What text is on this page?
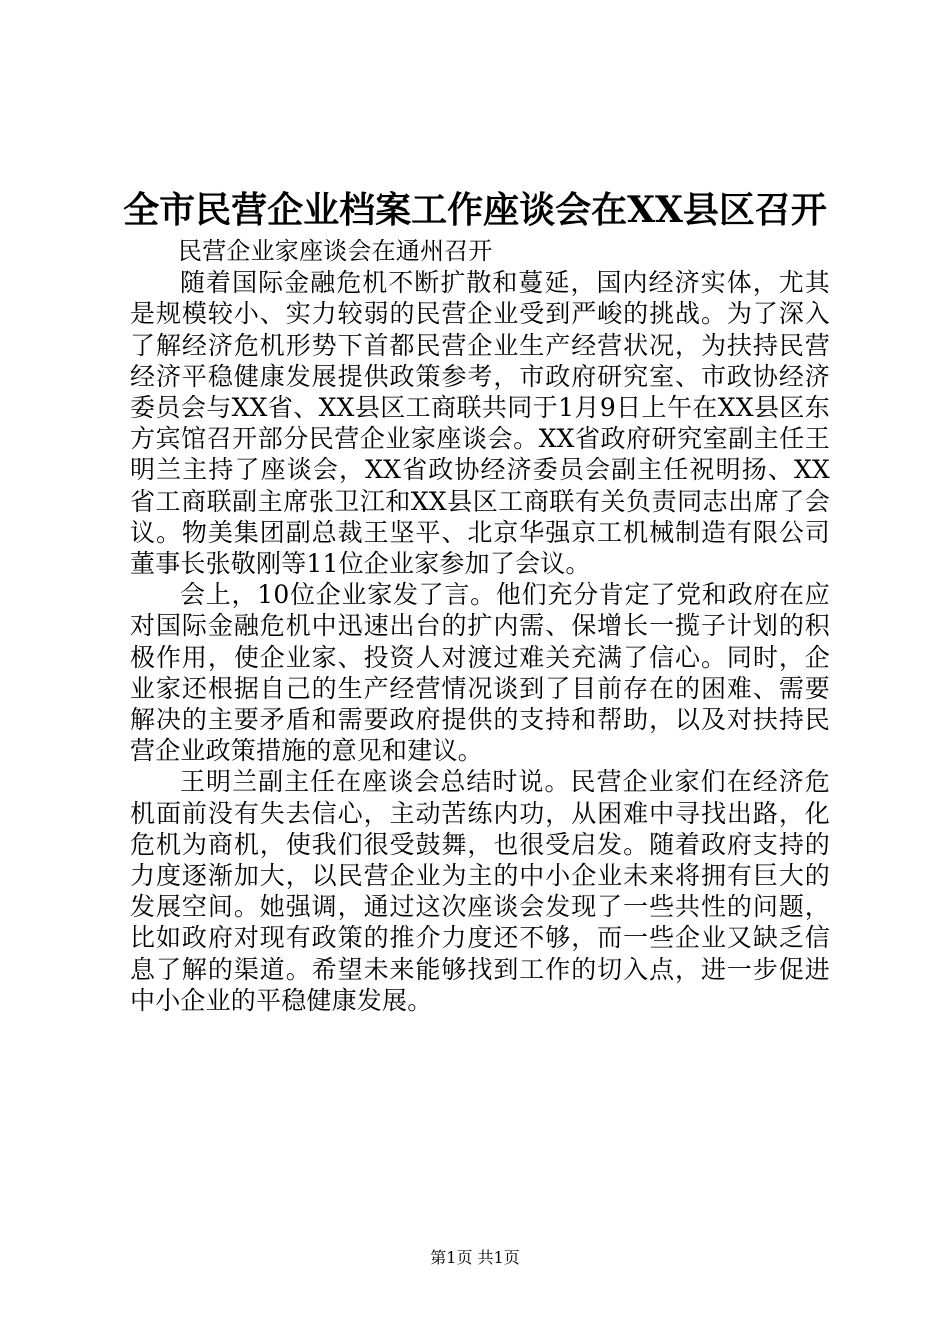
全市民营企业档案工作座谈会在XX县区召开

民营企业家座谈会在通州召开

随着国际金融危机不断扩散和蔓延，国内经济实体，尤其是规模较小、实力较弱的民营企业受到严峻的挑战。为了深入了解经济危机形势下首都民营企业生产经营状况，为扶持民营经济平稳健康发展提供政策参考，市政府研究室、市政协经济委员会与XX省、XX县区工商联共同于1月9日上午在XX县区东方宾馆召开部分民营企业家座谈会。XX省政府研究室副主任王明兰主持了座谈会，XX省政协经济委员会副主任祝明扬、XX省工商联副主席张卫江和XX县区工商联有关负责同志出席了会议。物美集团副总裁王坚平、北京华强京工机械制造有限公司董事长张敬刚等11位企业家参加了会议。

会上，10位企业家发了言。他们充分肯定了党和政府在应对国际金融危机中迅速出台的扩内需、保增长一揽子计划的积极作用，使企业家、投资人对渡过难关充满了信心。同时，企业家还根据自己的生产经营情况谈到了目前存在的困难、需要解决的主要矛盾和需要政府提供的支持和帮助，以及对扶持民营企业政策措施的意见和建议。

王明兰副主任在座谈会总结时说。民营企业家们在经济危机面前没有失去信心，主动苦练内功，从困难中寻找出路，化危机为商机，使我们很受鼓舞，也很受启发。随着政府支持的力度逐渐加大，以民营企业为主的中小企业未来将拥有巨大的发展空间。她强调，通过这次座谈会发现了一些共性的问题，比如政府对现有政策的推介力度还不够，而一些企业又缺乏信息了解的渠道。希望未来能够找到工作的切入点，进一步促进中小企业的平稳健康发展。

第1页 共1页
